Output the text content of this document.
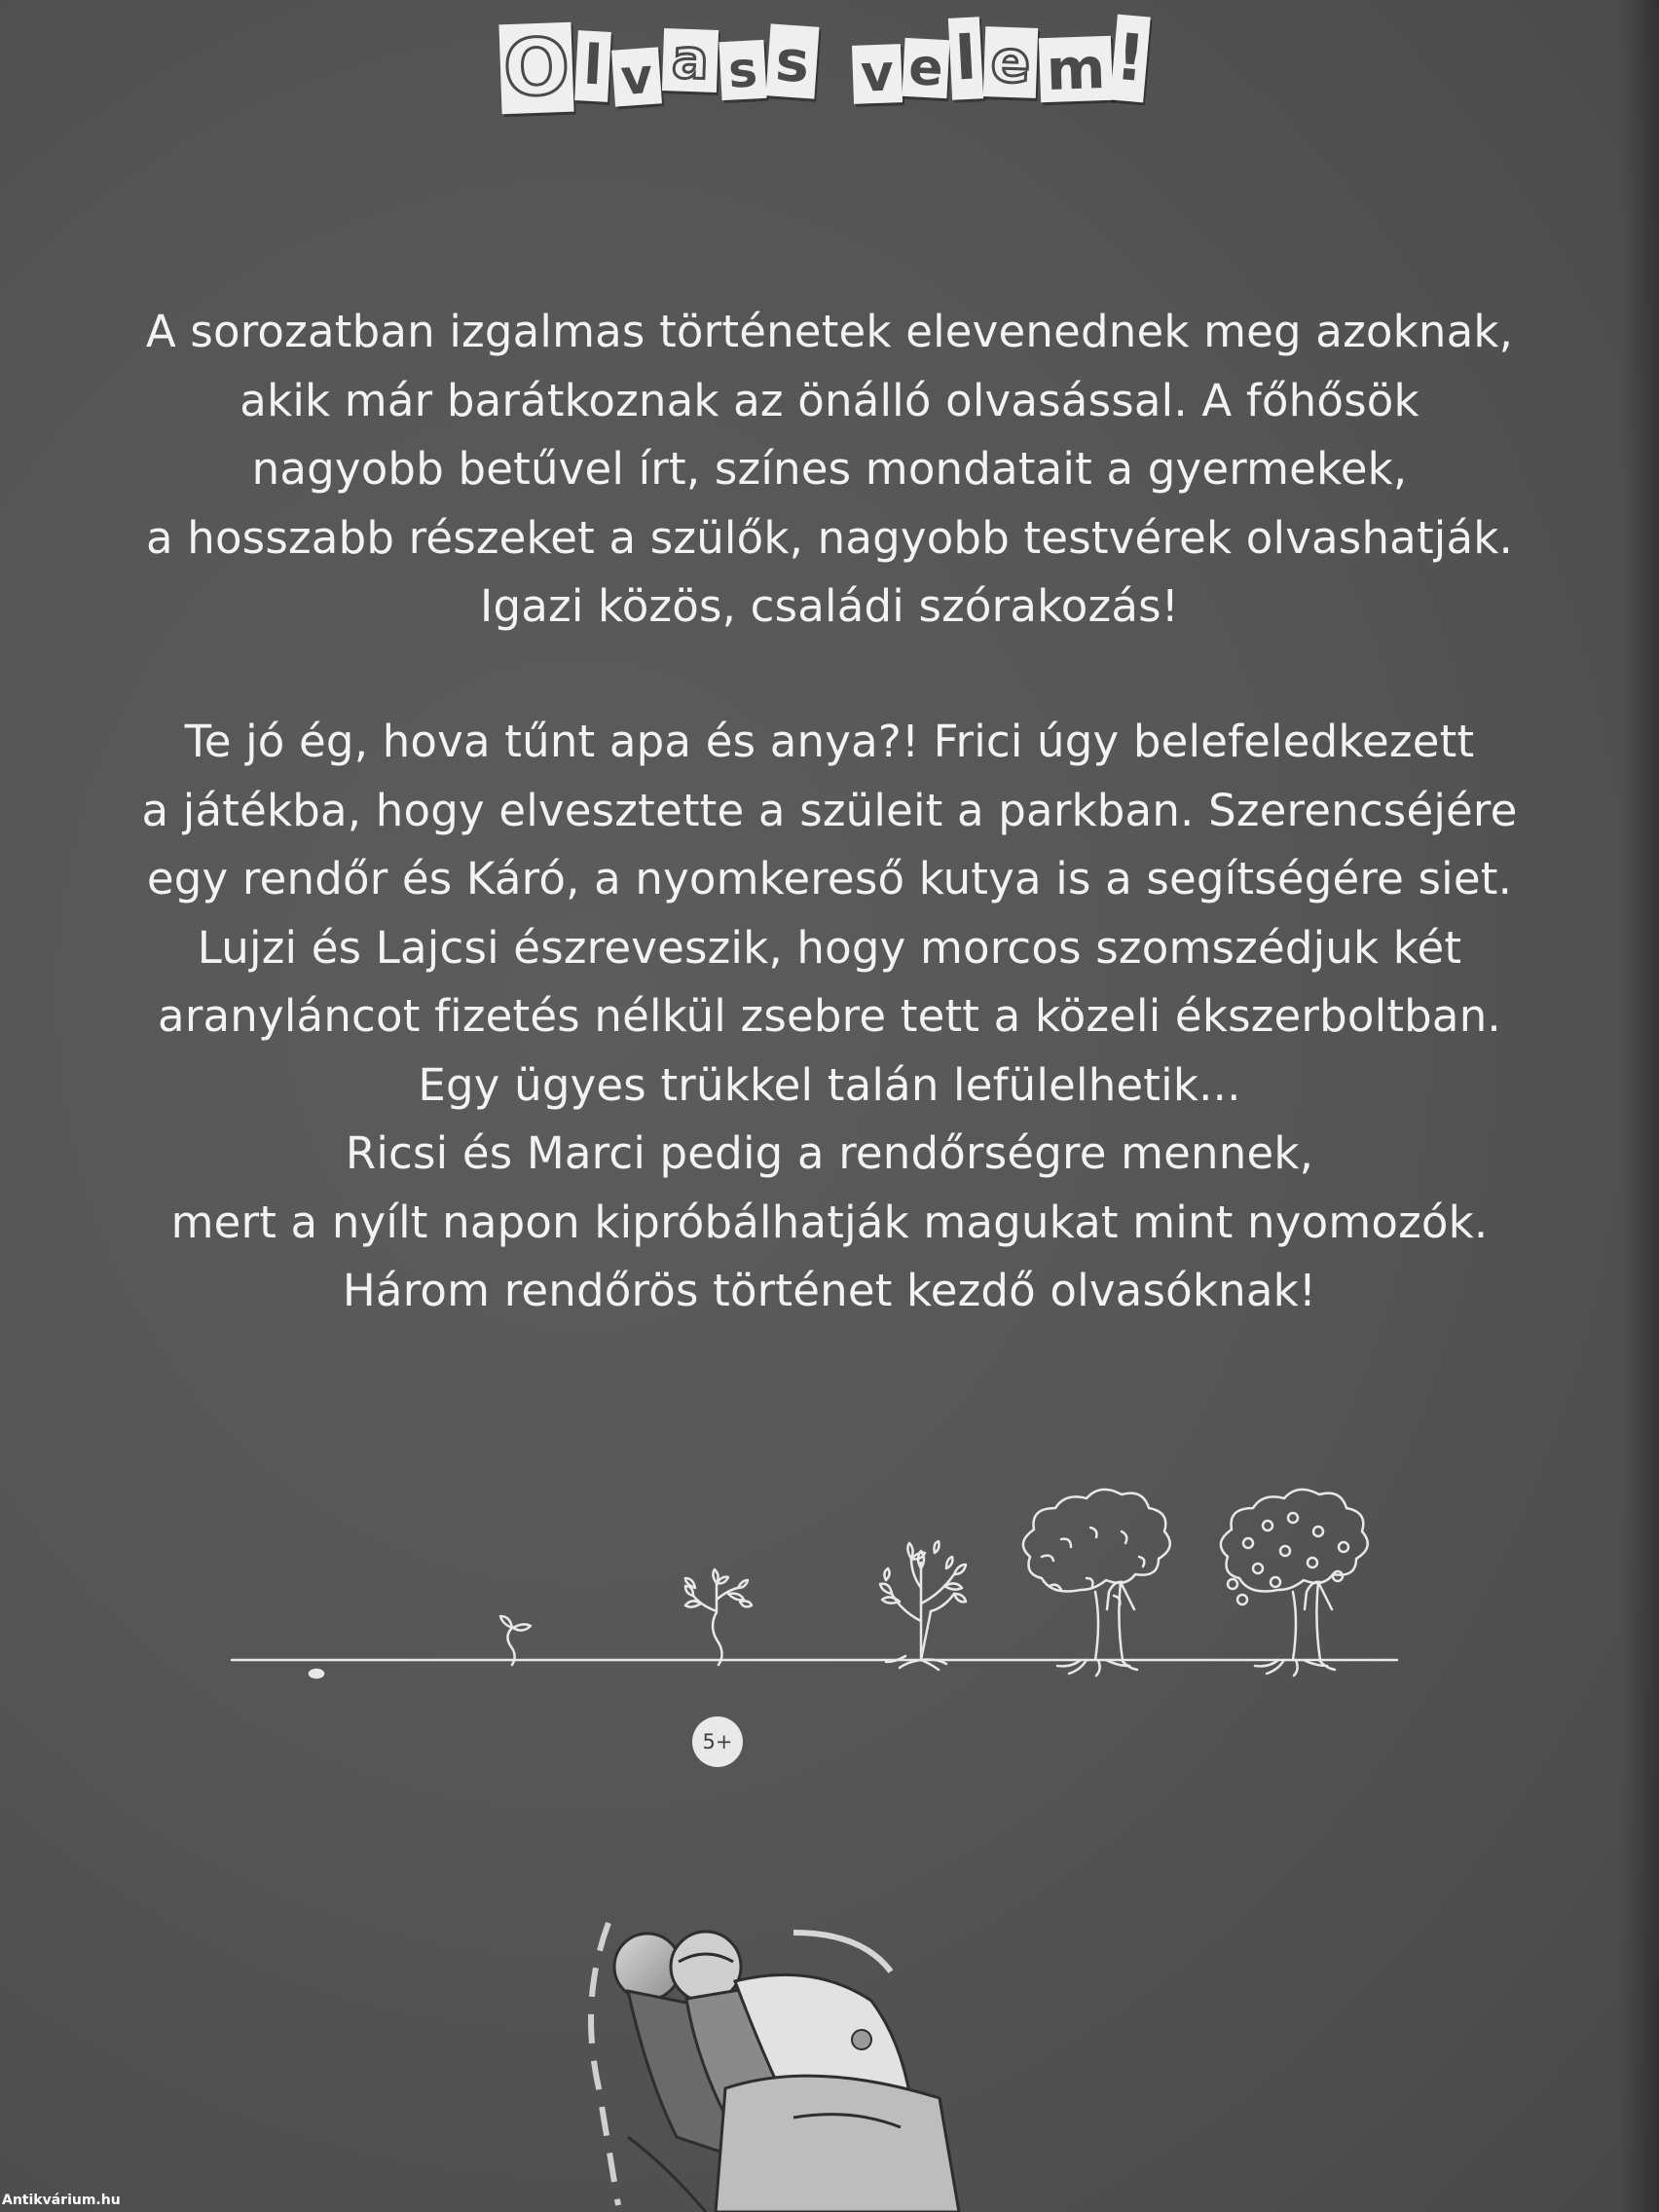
O l v a s s v e l e m !
A sorozatban izgalmas történetek elevenednek meg azoknak,
akik már barátkoznak az önálló olvasással. A főhősök
nagyobb betűvel írt, színes mondatait a gyermekek,
a hosszabb részeket a szülők, nagyobb testvérek olvashatják.
Igazi közös, családi szórakozás!
Te jó ég, hova tűnt apa és anya?! Frici úgy belefeledkezett
a játékba, hogy elvesztette a szüleit a parkban. Szerencséjére
egy rendőr és Káró, a nyomkereső kutya is a segítségére siet.
Lujzi és Lajcsi észreveszik, hogy morcos szomszédjuk két
aranyláncot fizetés nélkül zsebre tett a közeli ékszerboltban.
Egy ügyes trükkel talán lefülelhetik...
Ricsi és Marci pedig a rendőrségre mennek,
mert a nyílt napon kipróbálhatják magukat mint nyomozók.
Három rendőrös történet kezdő olvasóknak!
5+
Antikvárium.hu
